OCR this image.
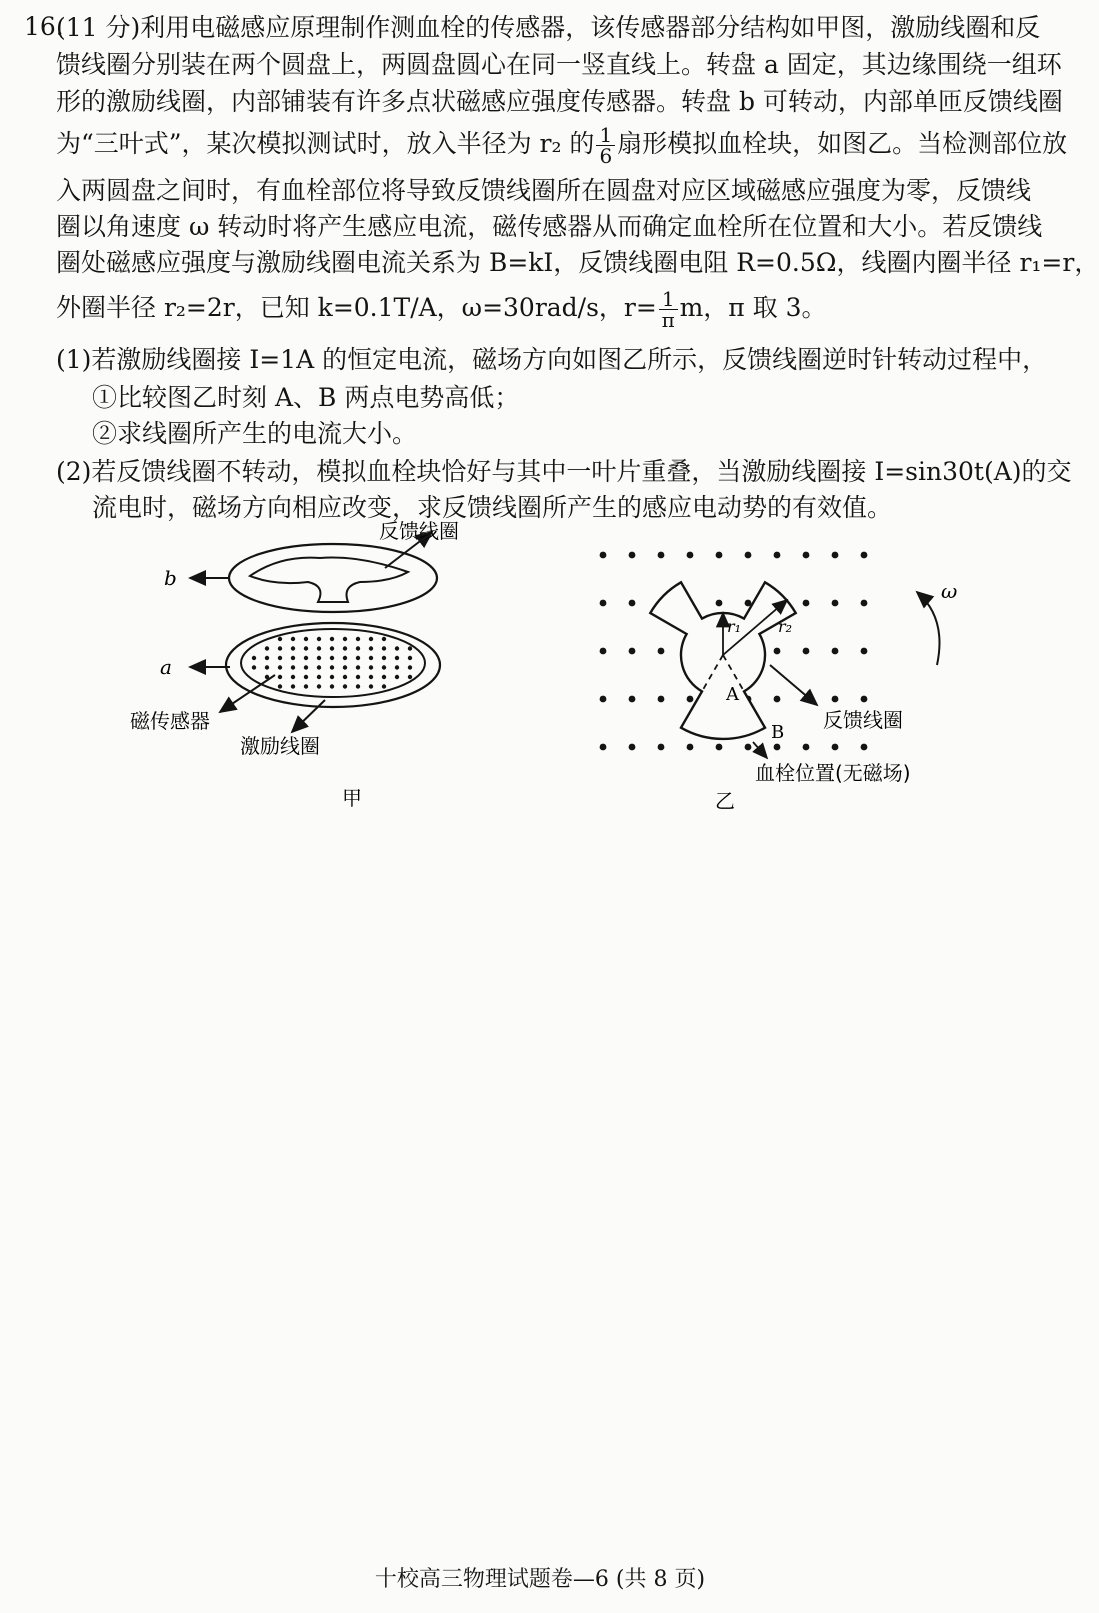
16.
(11 分)利用电磁感应原理制作测血栓的传感器，该传感器部分结构如甲图，激励线圈和反
馈线圈分别装在两个圆盘上，两圆盘圆心在同一竖直线上。转盘 a 固定，其边缘围绕一组环
形的激励线圈，内部铺装有许多点状磁感应强度传感器。转盘 b 可转动，内部单匝反馈线圈
为“三叶式”，某次模拟测试时，放入半径为 r₂ 的 $\frac{1}{6}$ 扇形模拟血栓块，如图乙。当检测部位放
入两圆盘之间时，有血栓部位将导致反馈线圈所在圆盘对应区域磁感应强度为零，反馈线
圈以角速度 ω 转动时将产生感应电流，磁传感器从而确定血栓所在位置和大小。若反馈线
圈处磁感应强度与激励线圈电流关系为 B=kI，反馈线圈电阻 R=0.5Ω，线圈内圈半径 r₁=r，
外圈半径 r₂=2r，已知 k=0.1T/A，ω=30rad/s，$r= \frac{1}{\pi}$ m，π 取 3。
(1)若激励线圈接 I=1A 的恒定电流，磁场方向如图乙所示，反馈线圈逆时针转动过程中，
①比较图乙时刻 A、B 两点电势高低；
②求线圈所产生的电流大小。
(2)若反馈线圈不转动，模拟血栓块恰好与其中一叶片重叠，当激励线圈接 I=sin30t(A)的交
流电时，磁场方向相应改变，求反馈线圈所产生的感应电动势的有效值。
反馈线圈
b
a
磁传感器
激励线圈
甲
r₁ r₂
A
B
反馈线圈
血栓位置(无磁场)
ω
乙
十校高三物理试题卷—6 (共 8 页)
